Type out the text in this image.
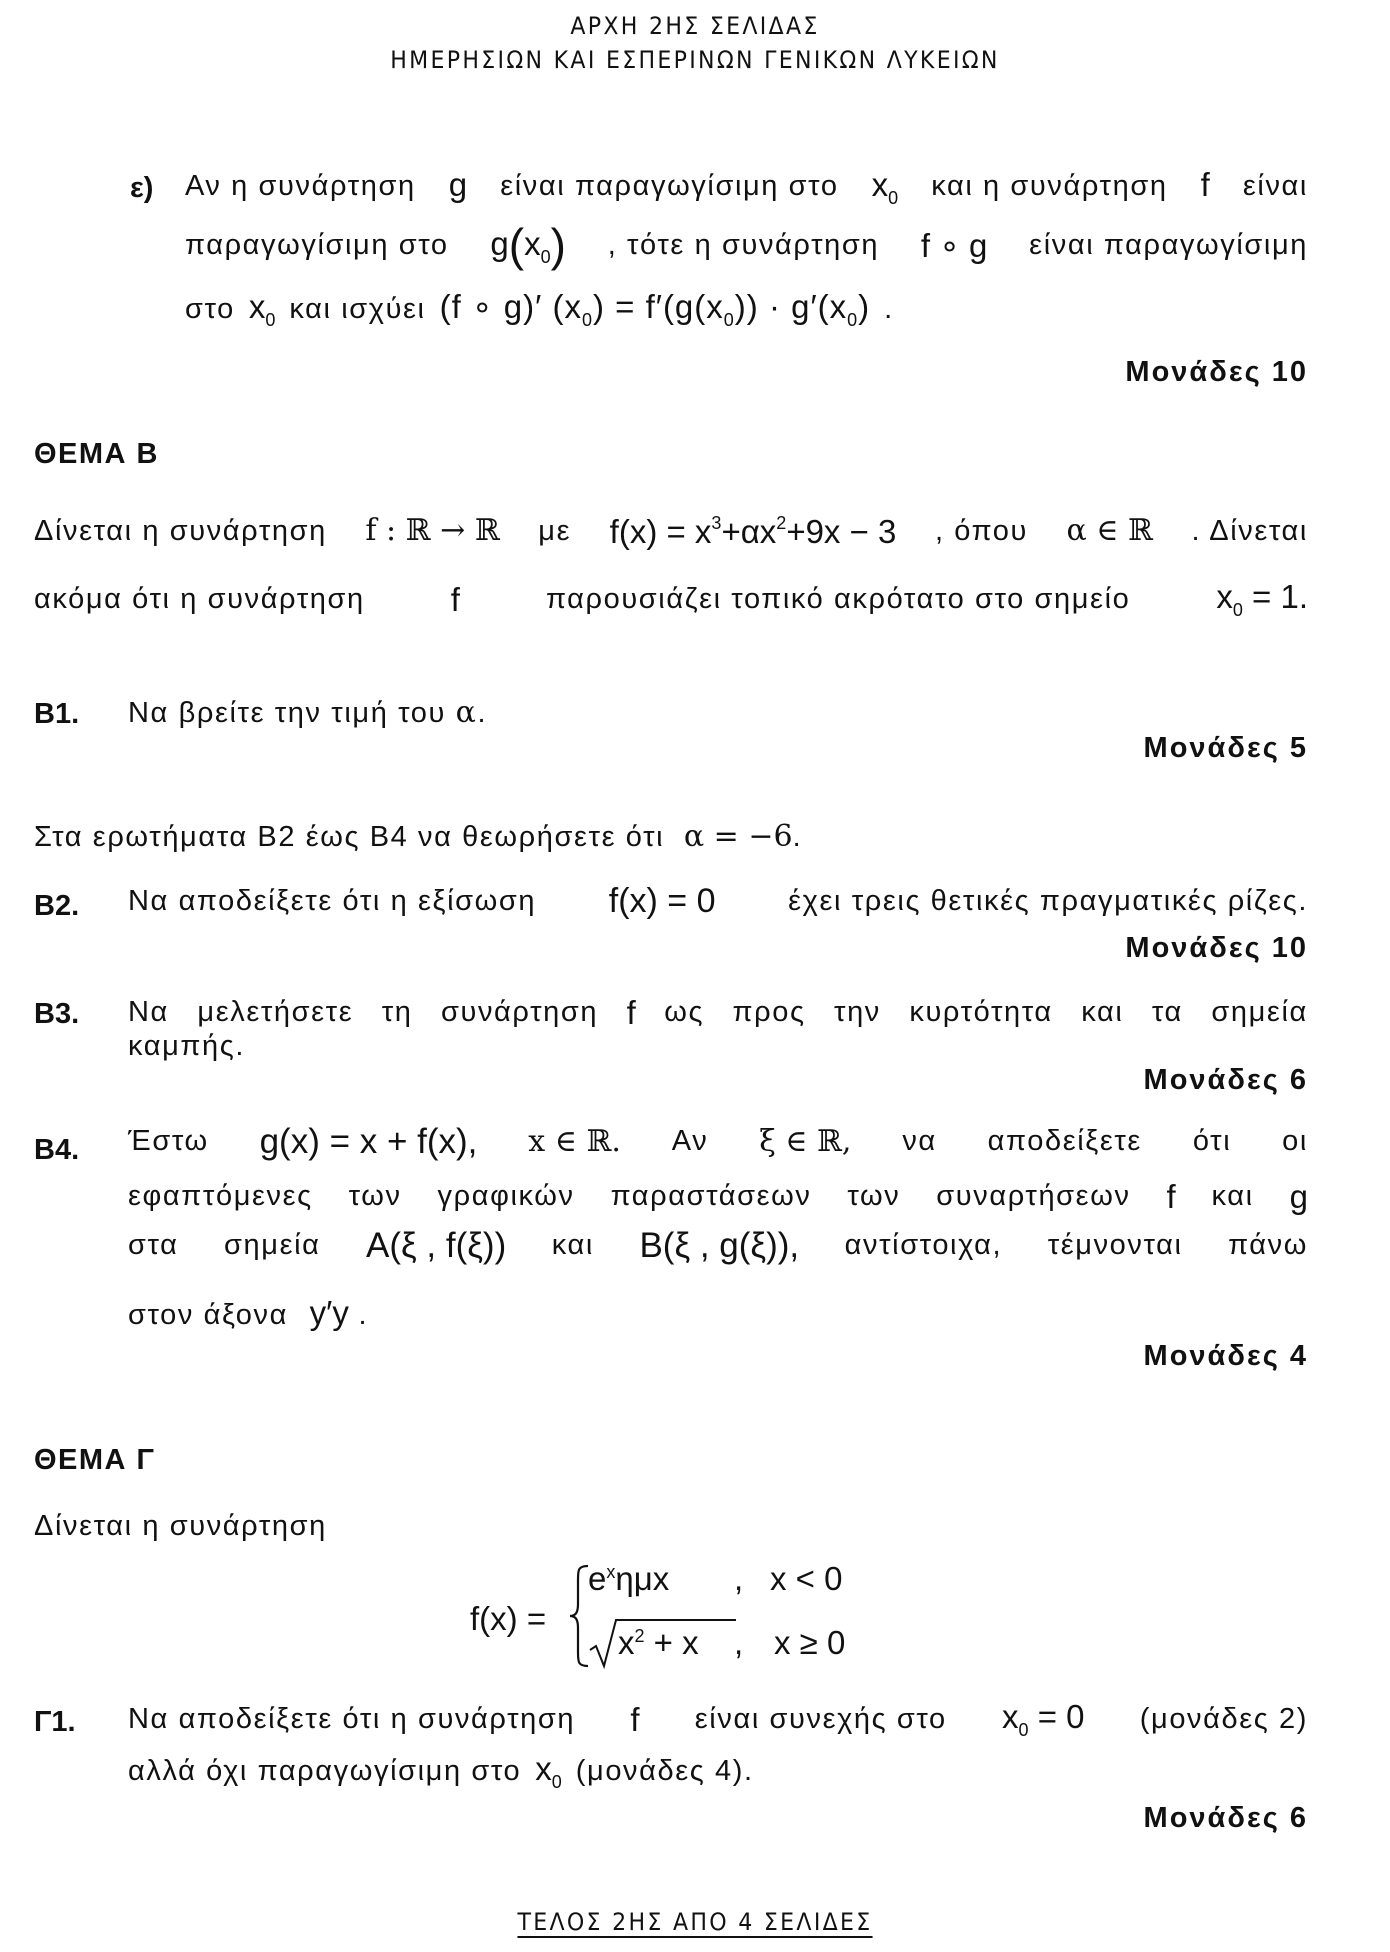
ΑΡΧΗ 2ΗΣ ΣΕΛΙΔΑΣ
ΗΜΕΡΗΣΙΩΝ ΚΑΙ ΕΣΠΕΡΙΝΩΝ ΓΕΝΙΚΩΝ ΛΥΚΕΙΩΝ
ε) Αν η συνάρτηση g είναι παραγωγίσιμη στο $x_0$ και η συνάρτηση f είναι
παραγωγίσιμη στο $g(x_0)$ , τότε η συνάρτηση f ∘ g είναι παραγωγίσιμη
στο $x_0$ και ισχύει (f ∘ g)′ $(x_0) = f'(g(x_0)) \cdot g'(x_0)$ .
Μονάδες 10
ΘΕΜΑ Β
Δίνεται η συνάρτηση f : ℝ → ℝ με $f(x) = x^3+\alpha x^2+9x - 3$ , όπου α ∈ ℝ . Δίνεται
ακόμα ότι η συνάρτηση	f	παρουσιάζει τοπικό ακρότατο στο σημείο	$x_0 = 1$.
Β1. Να βρείτε την τιμή του α.
Μονάδες 5
Στα ερωτήματα Β2 έως Β4 να θεωρήσετε ότι α = −6.
Β2. Να αποδείξετε ότι η εξίσωση f(x) = 0	έχει τρεις θετικές πραγματικές ρίζες.
Μονάδες 10
Β3. Να μελετήσετε τη συνάρτηση f ως προς την κυρτότητα και τα σημεία
καμπής.
Μονάδες 6
Β4. Έστω g(x) = x + f(x), x ∈ ℝ. Αν ξ ∈ ℝ, να αποδείξετε ότι οι
εφαπτόμενες των γραφικών παραστάσεων των συναρτήσεων f και g
στα σημεία A(ξ , f(ξ)) και B(ξ , g(ξ)), αντίστοιχα, τέμνονται πάνω
στον άξονα y′y .
Μονάδες 4
ΘΕΜΑ Γ
Δίνεται η συνάρτηση
f(x) =
$e^x\eta\mu x$ , x < 0
$x^2 + x$ , x ≥ 0
Γ1. Να αποδείξετε ότι η συνάρτηση f είναι συνεχής στο $x_0 = 0$ (μονάδες 2)
αλλά όχι παραγωγίσιμη στο $x_0$ (μονάδες 4).
Μονάδες 6
ΤΕΛΟΣ 2ΗΣ ΑΠΟ 4 ΣΕΛΙΔΕΣ
